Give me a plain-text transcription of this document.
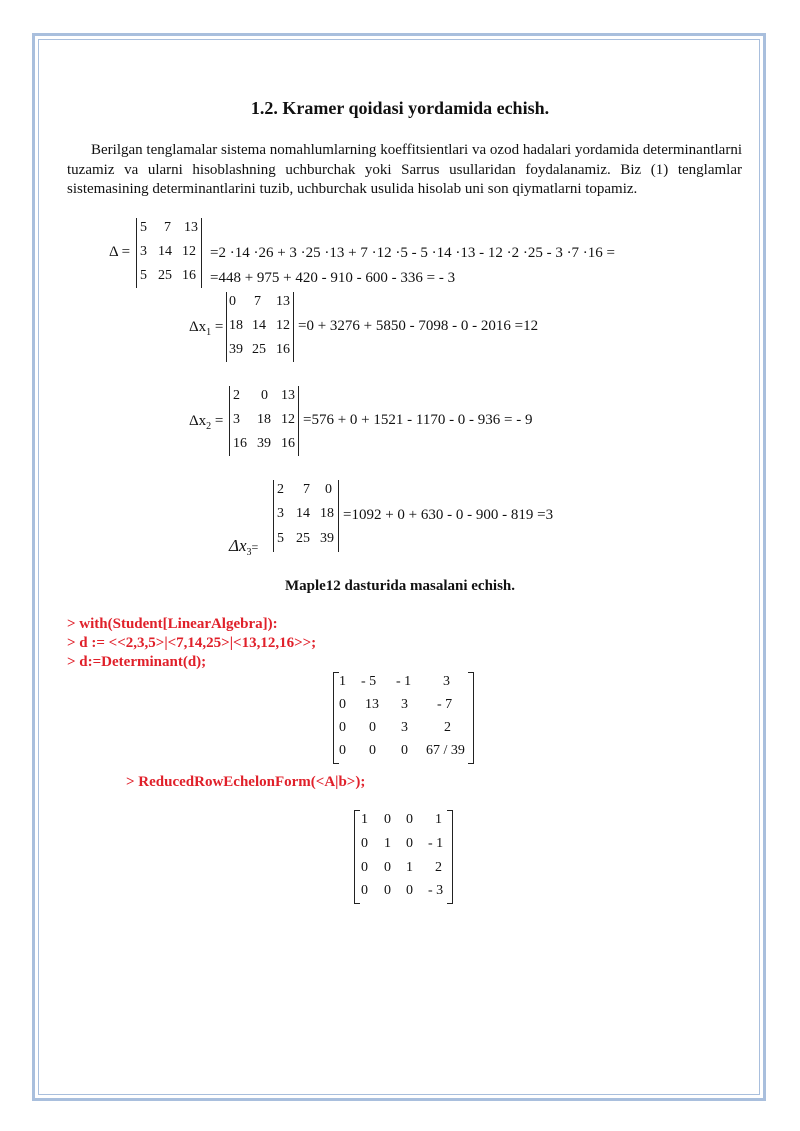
1.2. Kramer qoidasi yordamida echish.
Berilgan tenglamalar sistema nomahlumlarning koeffitsientlari va ozod hadalari yordamida determinantlarni tuzamiz va ularni hisoblashning uchburchak yoki Sarrus usullaridan foydalanamiz. Biz (1) tenglamlar sistemasining determinantlarini tuzib, uchburchak usulida hisolab uni son qiymatlarni topamiz.
Δ =
5 7 13
3 14 12
5 25 16
=2 ·14 ·26 + 3 ·25 ·13 + 7 ·12 ·5 - 5 ·14 ·13 - 12 ·2 ·25 - 3 ·7 ·16 =
=448 + 975 + 420 - 910 - 600 - 336 = - 3
$\Delta x_1$ =
0 7 13
18 14 12
39 25 16
=0 + 3276 + 5850 - 7098 - 0 - 2016 =12
$\Delta x_2$ =
2 0 13
3 18 12
16 39 16
=576 + 0 + 1521 - 1170 - 0 - 936 = - 9
$\Delta x_3=$
2 7 0
3 14 18
5 25 39
=1092 + 0 + 630 - 0 - 900 - 819 =3
Maple12 dasturida masalani echish.
> with(Student[LinearAlgebra]):
> d := <<2,3,5>|<7,14,25>|<13,12,16>>;
> d:=Determinant(d);
1 - 5 - 1 3
0 13 3 - 7
0 0 3	2
0 0 0 67 / 39
> ReducedRowEchelonForm(<A|b>);
1 0 0 1
0 1 0 - 1
0 0 1 2
0 0 0 - 3
